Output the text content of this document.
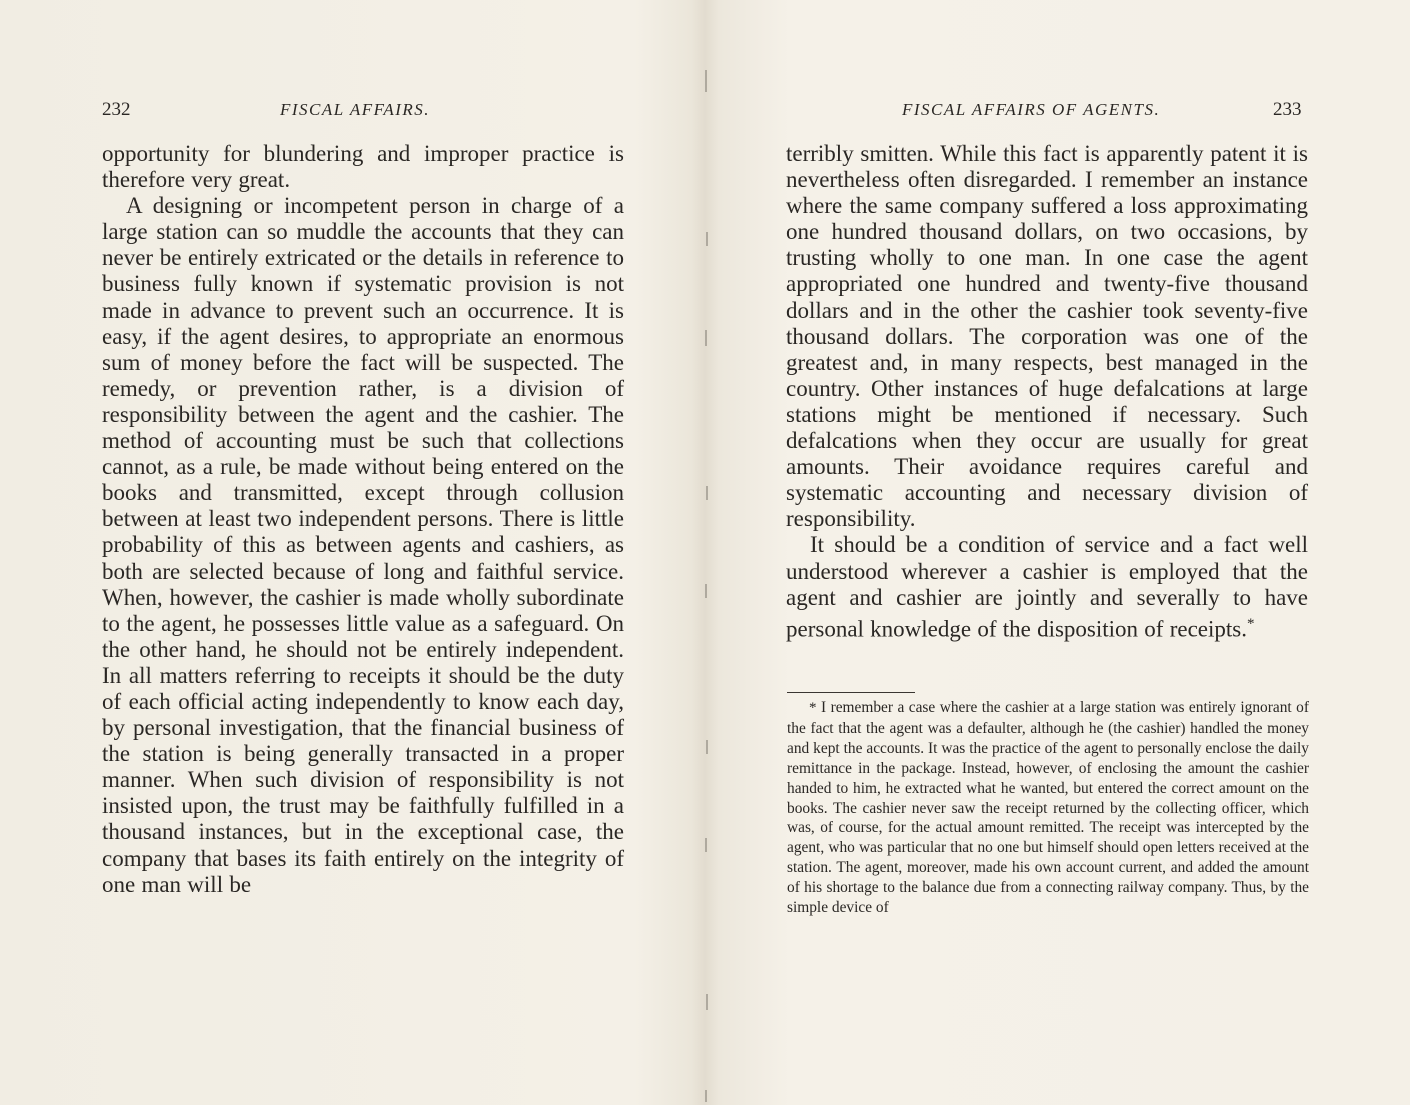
232	FISCAL AFFAIRS.

opportunity for blundering and improper practice is therefore very great.

A designing or incompetent person in charge of a large station can so muddle the accounts that they can never be entirely extricated or the details in reference to business fully known if systematic provision is not made in advance to prevent such an occurrence. It is easy, if the agent desires, to appropriate an enormous sum of money before the fact will be suspected. The remedy, or prevention rather, is a division of responsibility between the agent and the cashier. The method of accounting must be such that collections cannot, as a rule, be made without being entered on the books and transmitted, except through collusion between at least two independent persons. There is little probability of this as between agents and cashiers, as both are selected because of long and faithful service. When, however, the cashier is made wholly subordinate to the agent, he possesses little value as a safeguard. On the other hand, he should not be entirely independent. In all matters referring to receipts it should be the duty of each official acting independently to know each day, by personal investigation, that the financial business of the station is being generally transacted in a proper manner. When such division of responsibility is not insisted upon, the trust may be faithfully fulfilled in a thousand instances, but in the exceptional case, the company that bases its faith entirely on the integrity of one man will be

FISCAL AFFAIRS OF AGENTS.	233

terribly smitten. While this fact is apparently patent it is nevertheless often disregarded. I remember an instance where the same company suffered a loss approximating one hundred thousand dollars, on two occasions, by trusting wholly to one man. In one case the agent appropriated one hundred and twenty-five thousand dollars and in the other the cashier took seventy-five thousand dollars. The corporation was one of the greatest and, in many respects, best managed in the country. Other instances of huge defalcations at large stations might be mentioned if necessary. Such defalcations when they occur are usually for great amounts. Their avoidance requires careful and systematic accounting and necessary division of responsibility.

It should be a condition of service and a fact well understood wherever a cashier is employed that the agent and cashier are jointly and severally to have personal knowledge of the disposition of receipts.*

* I remember a case where the cashier at a large station was entirely ignorant of the fact that the agent was a defaulter, although he (the cashier) handled the money and kept the accounts. It was the practice of the agent to personally enclose the daily remittance in the package. Instead, however, of enclosing the amount the cashier handed to him, he extracted what he wanted, but entered the correct amount on the books. The cashier never saw the receipt returned by the collecting officer, which was, of course, for the actual amount remitted. The receipt was intercepted by the agent, who was particular that no one but himself should open letters received at the station. The agent, moreover, made his own account current, and added the amount of his shortage to the balance due from a connecting railway company. Thus, by the simple device of
